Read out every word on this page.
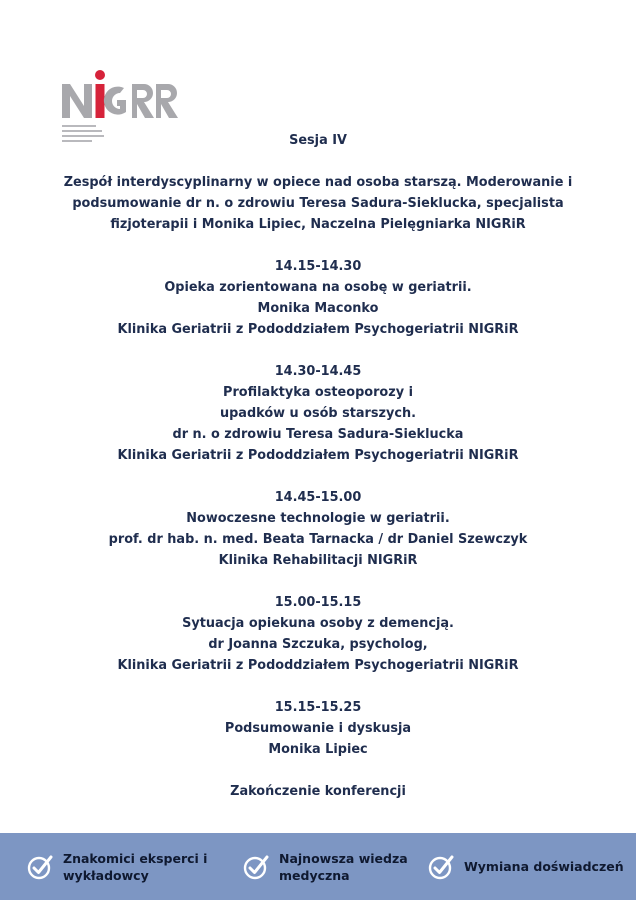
Sesja IV
Zespół interdyscyplinarny w opiece nad osoba starszą. Moderowanie i
podsumowanie dr n. o zdrowiu Teresa Sadura-Sieklucka, specjalista
fizjoterapii i Monika Lipiec, Naczelna Pielęgniarka NIGRiR
14.15-14.30
Opieka zorientowana na osobę w geriatrii.
Monika Maconko
Klinika Geriatrii z Pododdziałem Psychogeriatrii NIGRiR
14.30-14.45
Profilaktyka osteoporozy i
upadków u osób starszych.
dr n. o zdrowiu Teresa Sadura-Sieklucka
Klinika Geriatrii z Pododdziałem Psychogeriatrii NIGRiR
14.45-15.00
Nowoczesne technologie w geriatrii.
prof. dr hab. n. med. Beata Tarnacka / dr Daniel Szewczyk
Klinika Rehabilitacji NIGRiR
15.00-15.15
Sytuacja opiekuna osoby z demencją.
dr Joanna Szczuka, psycholog,
Klinika Geriatrii z Pododdziałem Psychogeriatrii NIGRiR
15.15-15.25
Podsumowanie i dyskusja
Monika Lipiec
Zakończenie konferencji
Znakomici eksperci i
wykładowcy
Najnowsza wiedza
medyczna
Wymiana doświadczeń
